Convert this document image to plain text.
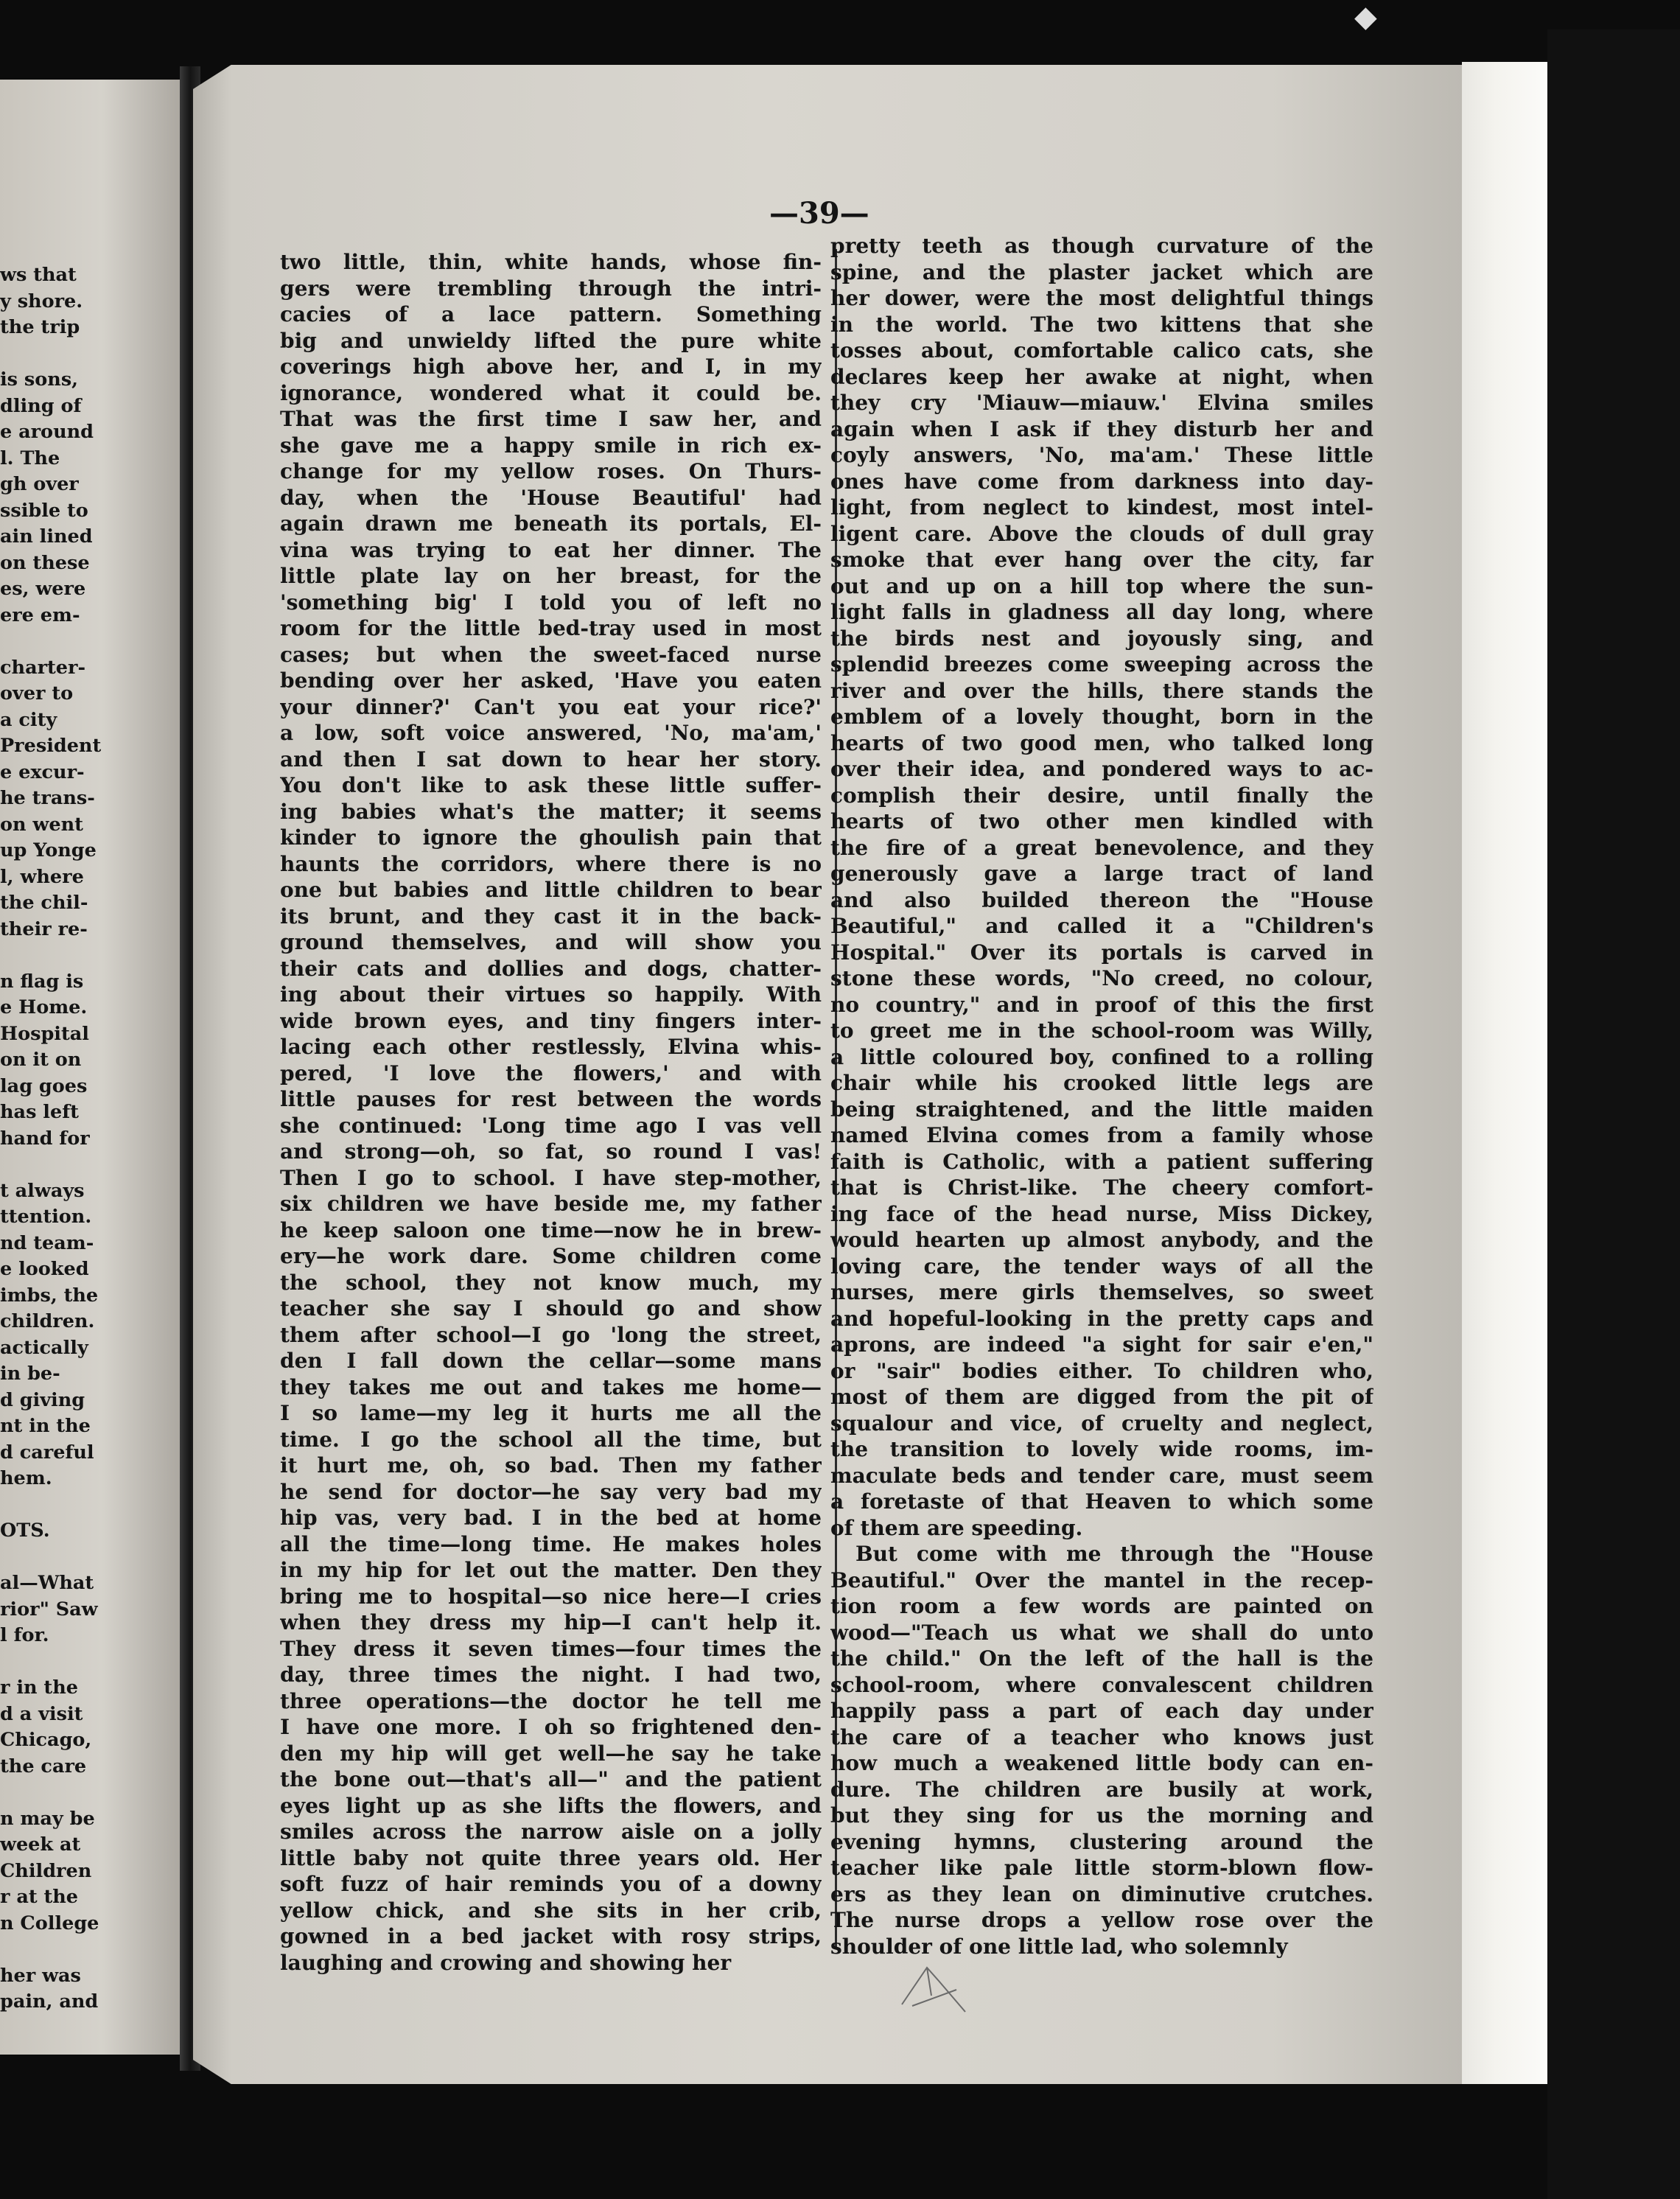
◆
ws that
y shore.
the trip
is sons,
dling of
e around
l. The
gh over
ssible to
ain lined
on these
es, were
ere em-
charter-
over to
a city
President
e excur-
he trans-
on went
up Yonge
l, where
the chil-
their re-
n flag is
e Home.
Hospital
on it on
lag goes
has left
hand for
t always
ttention.
nd team-
e looked
imbs, the
children.
actically
in be-
d giving
nt in the
d careful
hem.
OTS.
al—What
rior" Saw
l for.
r in the
d a visit
Chicago,
the care
n may be
week at
Children
r at the
n College
her was
pain, and
—39—
two little, thin, white hands, whose fin-
gers were trembling through the intri-
cacies of a lace pattern. Something
big and unwieldy lifted the pure white
coverings high above her, and I, in my
ignorance, wondered what it could be.
That was the first time I saw her, and
she gave me a happy smile in rich ex-
change for my yellow roses. On Thurs-
day, when the 'House Beautiful' had
again drawn me beneath its portals, El-
vina was trying to eat her dinner. The
little plate lay on her breast, for the
'something big' I told you of left no
room for the little bed-tray used in most
cases; but when the sweet-faced nurse
bending over her asked, 'Have you eaten
your dinner?' Can't you eat your rice?'
a low, soft voice answered, 'No, ma'am,'
and then I sat down to hear her story.
You don't like to ask these little suffer-
ing babies what's the matter; it seems
kinder to ignore the ghoulish pain that
haunts the corridors, where there is no
one but babies and little children to bear
its brunt, and they cast it in the back-
ground themselves, and will show you
their cats and dollies and dogs, chatter-
ing about their virtues so happily. With
wide brown eyes, and tiny fingers inter-
lacing each other restlessly, Elvina whis-
pered, 'I love the flowers,' and with
little pauses for rest between the words
she continued: 'Long time ago I vas vell
and strong—oh, so fat, so round I vas!
Then I go to school. I have step-mother,
six children we have beside me, my father
he keep saloon one time—now he in brew-
ery—he work dare. Some children come
the school, they not know much, my
teacher she say I should go and show
them after school—I go 'long the street,
den I fall down the cellar—some mans
they takes me out and takes me home—
I so lame—my leg it hurts me all the
time. I go the school all the time, but
it hurt me, oh, so bad. Then my father
he send for doctor—he say very bad my
hip vas, very bad. I in the bed at home
all the time—long time. He makes holes
in my hip for let out the matter. Den they
bring me to hospital—so nice here—I cries
when they dress my hip—I can't help it.
They dress it seven times—four times the
day, three times the night. I had two,
three operations—the doctor he tell me
I have one more. I oh so frightened den-
den my hip will get well—he say he take
the bone out—that's all—" and the patient
eyes light up as she lifts the flowers, and
smiles across the narrow aisle on a jolly
little baby not quite three years old. Her
soft fuzz of hair reminds you of a downy
yellow chick, and she sits in her crib,
gowned in a bed jacket with rosy strips,
laughing and crowing and showing her
pretty teeth as though curvature of the
spine, and the plaster jacket which are
her dower, were the most delightful things
in the world. The two kittens that she
tosses about, comfortable calico cats, she
declares keep her awake at night, when
they cry 'Miauw—miauw.' Elvina smiles
again when I ask if they disturb her and
coyly answers, 'No, ma'am.' These little
ones have come from darkness into day-
light, from neglect to kindest, most intel-
ligent care. Above the clouds of dull gray
smoke that ever hang over the city, far
out and up on a hill top where the sun-
light falls in gladness all day long, where
the birds nest and joyously sing, and
splendid breezes come sweeping across the
river and over the hills, there stands the
emblem of a lovely thought, born in the
hearts of two good men, who talked long
over their idea, and pondered ways to ac-
complish their desire, until finally the
hearts of two other men kindled with
the fire of a great benevolence, and they
generously gave a large tract of land
and also builded thereon the "House
Beautiful," and called it a "Children's
Hospital." Over its portals is carved in
stone these words, "No creed, no colour,
no country," and in proof of this the first
to greet me in the school-room was Willy,
a little coloured boy, confined to a rolling
chair while his crooked little legs are
being straightened, and the little maiden
named Elvina comes from a family whose
faith is Catholic, with a patient suffering
that is Christ-like. The cheery comfort-
ing face of the head nurse, Miss Dickey,
would hearten up almost anybody, and the
loving care, the tender ways of all the
nurses, mere girls themselves, so sweet
and hopeful-looking in the pretty caps and
aprons, are indeed "a sight for sair e'en,"
or "sair" bodies either. To children who,
most of them are digged from the pit of
squalour and vice, of cruelty and neglect,
the transition to lovely wide rooms, im-
maculate beds and tender care, must seem
a foretaste of that Heaven to which some
of them are speeding.
But come with me through the "House
Beautiful." Over the mantel in the recep-
tion room a few words are painted on
wood—"Teach us what we shall do unto
the child." On the left of the hall is the
school-room, where convalescent children
happily pass a part of each day under
the care of a teacher who knows just
how much a weakened little body can en-
dure. The children are busily at work,
but they sing for us the morning and
evening hymns, clustering around the
teacher like pale little storm-blown flow-
ers as they lean on diminutive crutches.
The nurse drops a yellow rose over the
shoulder of one little lad, who solemnly
